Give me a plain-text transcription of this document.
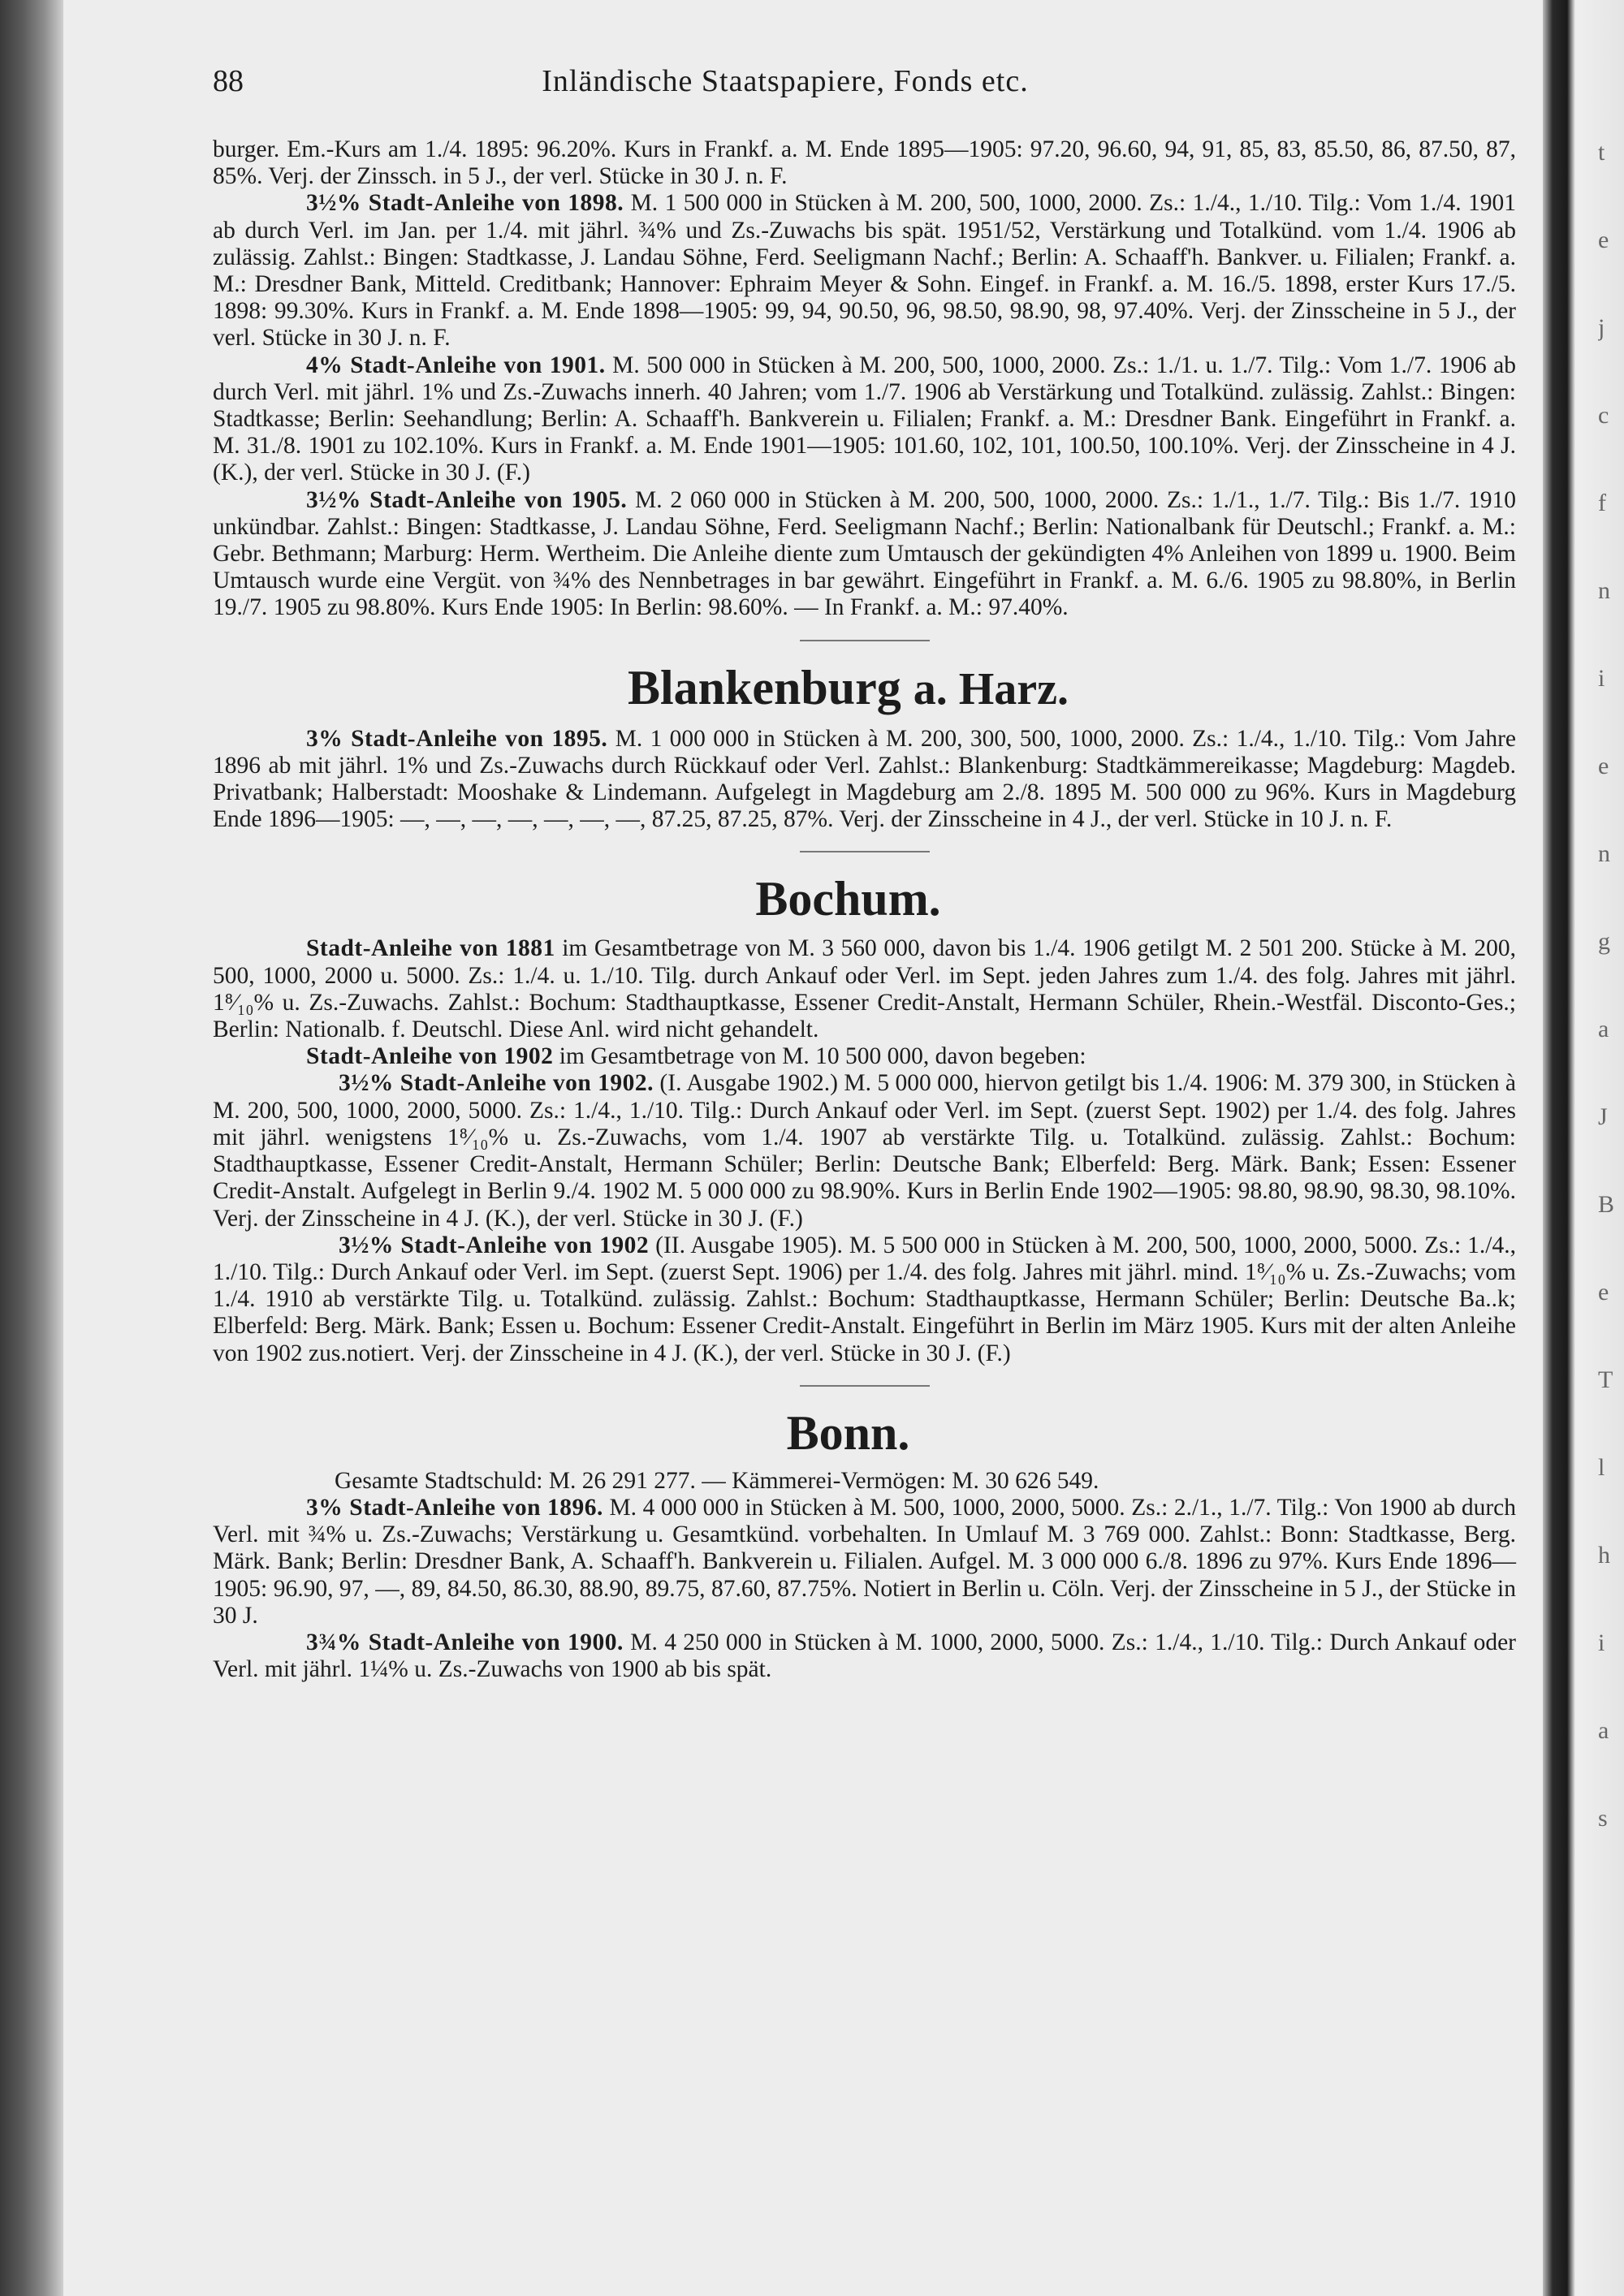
t
e
j
c
f
n
i
e
n
g
a
J
B
e
T
l
h
i
a
s
88	Inländische Staatspapiere, Fonds etc.

burger. Em.-Kurs am 1./4. 1895: 96.20%. Kurs in Frankf. a. M. Ende 1895—1905: 97.20, 96.60, 94, 91, 85, 83, 85.50, 86, 87.50, 87, 85%. Verj. der Zinssch. in 5 J., der verl. Stücke in 30 J. n. F.

3½% Stadt-Anleihe von 1898. M. 1 500 000 in Stücken à M. 200, 500, 1000, 2000. Zs.: 1./4., 1./10. Tilg.: Vom 1./4. 1901 ab durch Verl. im Jan. per 1./4. mit jährl. ¾% und Zs.-Zuwachs bis spät. 1951/52, Verstärkung und Totalkünd. vom 1./4. 1906 ab zulässig. Zahlst.: Bingen: Stadtkasse, J. Landau Söhne, Ferd. Seeligmann Nachf.; Berlin: A. Schaaff'h. Bankver. u. Filialen; Frankf. a. M.: Dresdner Bank, Mitteld. Creditbank; Hannover: Ephraim Meyer & Sohn. Eingef. in Frankf. a. M. 16./5. 1898, erster Kurs 17./5. 1898: 99.30%. Kurs in Frankf. a. M. Ende 1898—1905: 99, 94, 90.50, 96, 98.50, 98.90, 98, 97.40%. Verj. der Zinsscheine in 5 J., der verl. Stücke in 30 J. n. F.

4% Stadt-Anleihe von 1901. M. 500 000 in Stücken à M. 200, 500, 1000, 2000. Zs.: 1./1. u. 1./7. Tilg.: Vom 1./7. 1906 ab durch Verl. mit jährl. 1% und Zs.-Zuwachs innerh. 40 Jahren; vom 1./7. 1906 ab Verstärkung und Totalkünd. zulässig. Zahlst.: Bingen: Stadtkasse; Berlin: Seehandlung; Berlin: A. Schaaff'h. Bankverein u. Filialen; Frankf. a. M.: Dresdner Bank. Eingeführt in Frankf. a. M. 31./8. 1901 zu 102.10%. Kurs in Frankf. a. M. Ende 1901—1905: 101.60, 102, 101, 100.50, 100.10%. Verj. der Zinsscheine in 4 J. (K.), der verl. Stücke in 30 J. (F.)

3½% Stadt-Anleihe von 1905. M. 2 060 000 in Stücken à M. 200, 500, 1000, 2000. Zs.: 1./1., 1./7. Tilg.: Bis 1./7. 1910 unkündbar. Zahlst.: Bingen: Stadtkasse, J. Landau Söhne, Ferd. Seeligmann Nachf.; Berlin: Nationalbank für Deutschl.; Frankf. a. M.: Gebr. Bethmann; Marburg: Herm. Wertheim. Die Anleihe diente zum Umtausch der gekündigten 4% Anleihen von 1899 u. 1900. Beim Umtausch wurde eine Vergüt. von ¾% des Nennbetrages in bar gewährt. Eingeführt in Frankf. a. M. 6./6. 1905 zu 98.80%, in Berlin 19./7. 1905 zu 98.80%. Kurs Ende 1905: In Berlin: 98.60%. — In Frankf. a. M.: 97.40%.

Blankenburg a. Harz.

3% Stadt-Anleihe von 1895. M. 1 000 000 in Stücken à M. 200, 300, 500, 1000, 2000. Zs.: 1./4., 1./10. Tilg.: Vom Jahre 1896 ab mit jährl. 1% und Zs.-Zuwachs durch Rückkauf oder Verl. Zahlst.: Blankenburg: Stadtkämmereikasse; Magdeburg: Magdeb. Privatbank; Halberstadt: Mooshake & Lindemann. Aufgelegt in Magdeburg am 2./8. 1895 M. 500 000 zu 96%. Kurs in Magdeburg Ende 1896—1905: —, —, —, —, —, —, —, 87.25, 87.25, 87%. Verj. der Zinsscheine in 4 J., der verl. Stücke in 10 J. n. F.

Bochum.

Stadt-Anleihe von 1881 im Gesamtbetrage von M. 3 560 000, davon bis 1./4. 1906 getilgt M. 2 501 200. Stücke à M. 200, 500, 1000, 2000 u. 5000. Zs.: 1./4. u. 1./10. Tilg. durch Ankauf oder Verl. im Sept. jeden Jahres zum 1./4. des folg. Jahres mit jährl. 1⁸⁄₁₀% u. Zs.-Zuwachs. Zahlst.: Bochum: Stadthauptkasse, Essener Credit-Anstalt, Hermann Schüler, Rhein.-Westfäl. Disconto-Ges.; Berlin: Nationalb. f. Deutschl. Diese Anl. wird nicht gehandelt.

Stadt-Anleihe von 1902 im Gesamtbetrage von M. 10 500 000, davon begeben:

3½% Stadt-Anleihe von 1902. (I. Ausgabe 1902.) M. 5 000 000, hiervon getilgt bis 1./4. 1906: M. 379 300, in Stücken à M. 200, 500, 1000, 2000, 5000. Zs.: 1./4., 1./10. Tilg.: Durch Ankauf oder Verl. im Sept. (zuerst Sept. 1902) per 1./4. des folg. Jahres mit jährl. wenigstens 1⁸⁄₁₀% u. Zs.-Zuwachs, vom 1./4. 1907 ab verstärkte Tilg. u. Totalkünd. zulässig. Zahlst.: Bochum: Stadthauptkasse, Essener Credit-Anstalt, Hermann Schüler; Berlin: Deutsche Bank; Elberfeld: Berg. Märk. Bank; Essen: Essener Credit-Anstalt. Aufgelegt in Berlin 9./4. 1902 M. 5 000 000 zu 98.90%. Kurs in Berlin Ende 1902—1905: 98.80, 98.90, 98.30, 98.10%. Verj. der Zinsscheine in 4 J. (K.), der verl. Stücke in 30 J. (F.)

3½% Stadt-Anleihe von 1902 (II. Ausgabe 1905). M. 5 500 000 in Stücken à M. 200, 500, 1000, 2000, 5000. Zs.: 1./4., 1./10. Tilg.: Durch Ankauf oder Verl. im Sept. (zuerst Sept. 1906) per 1./4. des folg. Jahres mit jährl. mind. 1⁸⁄₁₀% u. Zs.-Zuwachs; vom 1./4. 1910 ab verstärkte Tilg. u. Totalkünd. zulässig. Zahlst.: Bochum: Stadthauptkasse, Hermann Schüler; Berlin: Deutsche Ba..k; Elberfeld: Berg. Märk. Bank; Essen u. Bochum: Essener Credit-Anstalt. Eingeführt in Berlin im März 1905. Kurs mit der alten Anleihe von 1902 zus.notiert. Verj. der Zinsscheine in 4 J. (K.), der verl. Stücke in 30 J. (F.)

Bonn.

Gesamte Stadtschuld: M. 26 291 277. — Kämmerei-Vermögen: M. 30 626 549.

3% Stadt-Anleihe von 1896. M. 4 000 000 in Stücken à M. 500, 1000, 2000, 5000. Zs.: 2./1., 1./7. Tilg.: Von 1900 ab durch Verl. mit ¾% u. Zs.-Zuwachs; Verstärkung u. Gesamtkünd. vorbehalten. In Umlauf M. 3 769 000. Zahlst.: Bonn: Stadtkasse, Berg. Märk. Bank; Berlin: Dresdner Bank, A. Schaaff'h. Bankverein u. Filialen. Aufgel. M. 3 000 000 6./8. 1896 zu 97%. Kurs Ende 1896—1905: 96.90, 97, —, 89, 84.50, 86.30, 88.90, 89.75, 87.60, 87.75%. Notiert in Berlin u. Cöln. Verj. der Zinsscheine in 5 J., der Stücke in 30 J.

3¾% Stadt-Anleihe von 1900. M. 4 250 000 in Stücken à M. 1000, 2000, 5000. Zs.: 1./4., 1./10. Tilg.: Durch Ankauf oder Verl. mit jährl. 1¼% u. Zs.-Zuwachs von 1900 ab bis spät.
